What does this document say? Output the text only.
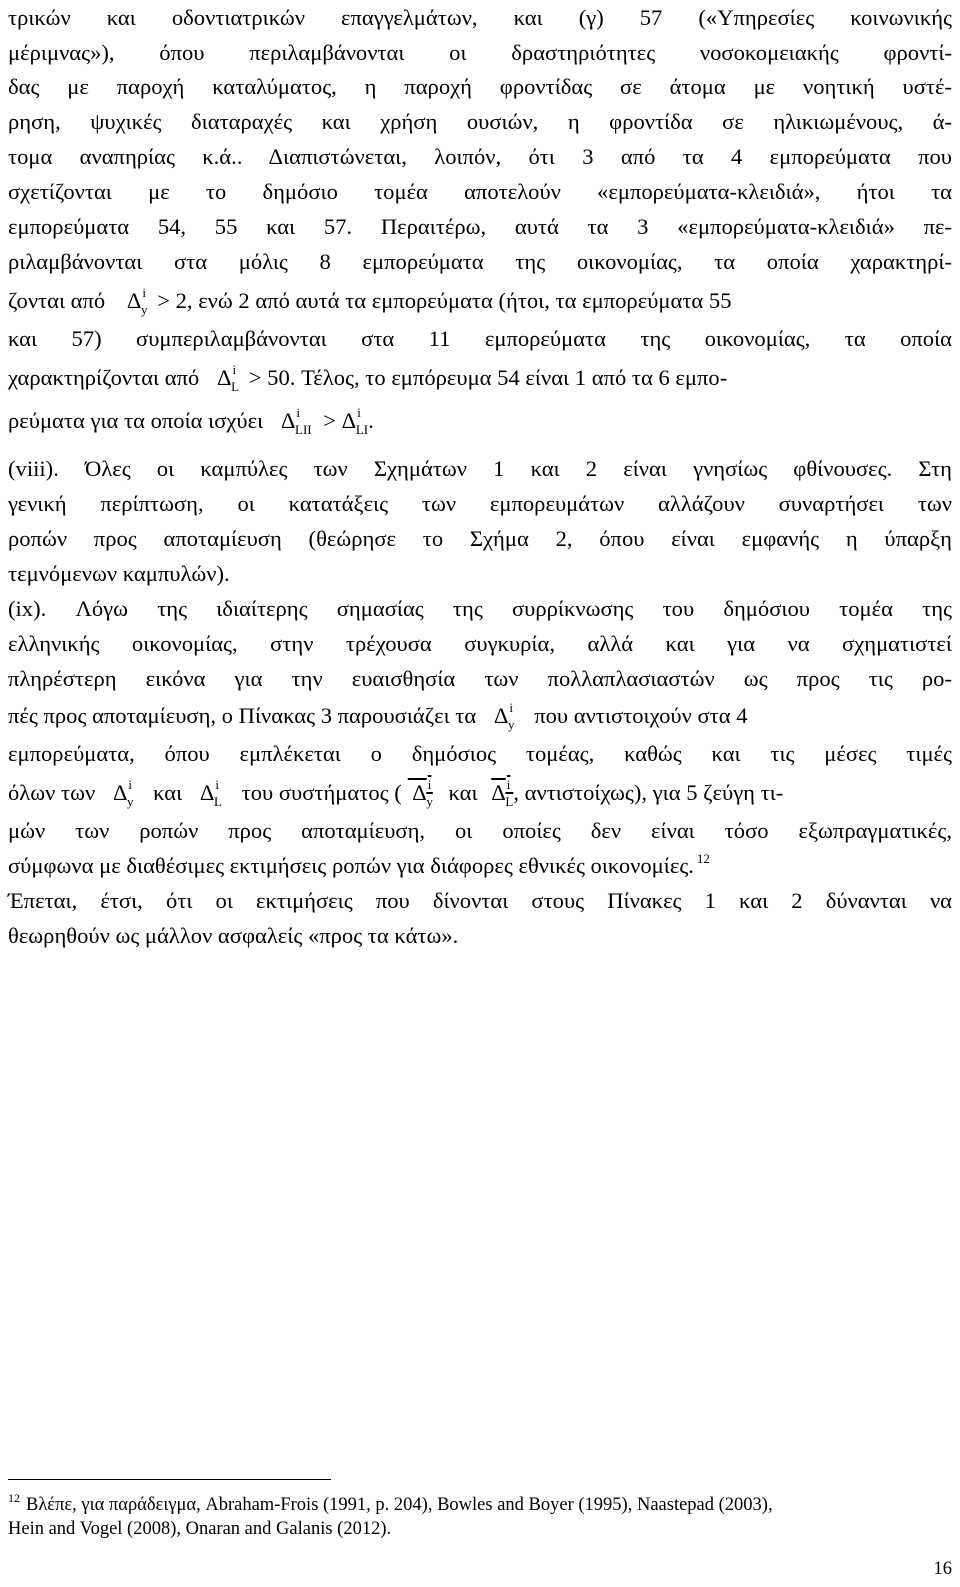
τρικών και οδοντιατρικών επαγγελμάτων, και (γ) 57 («Υπηρεσίες κοινωνικής
μέριμνας»), όπου περιλαμβάνονται οι δραστηριότητες νοσοκομειακής φροντί-
δας με παροχή καταλύματος, η παροχή φροντίδας σε άτομα με νοητική υστέ-
ρηση, ψυχικές διαταραχές και χρήση ουσιών, η φροντίδα σε ηλικιωμένους, ά-
τομα αναπηρίας κ.ά.. Διαπιστώνεται, λοιπόν, ότι 3 από τα 4 εμπορεύματα που
σχετίζονται με το δημόσιο τομέα αποτελούν «εμπορεύματα-κλειδιά», ήτοι τα
εμπορεύματα 54, 55 και 57. Περαιτέρω, αυτά τα 3 «εμπορεύματα-κλειδιά» πε-
ριλαμβάνονται στα μόλις 8 εμπορεύματα της οικονομίας, τα οποία χαρακτηρί-
ζονται από $\Delta^i_y > 2$, ενώ 2 από αυτά τα εμπορεύματα (ήτοι, τα εμπορεύματα 55
και 57) συμπεριλαμβάνονται στα 11 εμπορεύματα της οικονομίας, τα οποία
χαρακτηρίζονται από $\Delta^i_L > 50$. Τέλος, το εμπόρευμα 54 είναι 1 από τα 6 εμπο-
ρεύματα για τα οποία ισχύει $\Delta^i_{LII} > \Delta^i_{LI}$.
(viii). Όλες οι καμπύλες των Σχημάτων 1 και 2 είναι γνησίως φθίνουσες. Στη
γενική περίπτωση, οι κατατάξεις των εμπορευμάτων αλλάζουν συναρτήσει των
ροπών προς αποταμίευση (θεώρησε το Σχήμα 2, όπου είναι εμφανής η ύπαρξη
τεμνόμενων καμπυλών).
(ix). Λόγω της ιδιαίτερης σημασίας της συρρίκνωσης του δημόσιου τομέα της
ελληνικής οικονομίας, στην τρέχουσα συγκυρία, αλλά και για να σχηματιστεί
πληρέστερη εικόνα για την ευαισθησία των πολλαπλασιαστών ως προς τις ρο-
πές προς αποταμίευση, ο Πίνακας 3 παρουσιάζει τα $\Delta^i_y$ που αντιστοιχούν στα 4
εμπορεύματα, όπου εμπλέκεται ο δημόσιος τομέας, καθώς και τις μέσες τιμές
όλων των $\Delta^i_y$ και $\Delta^i_L$ του συστήματος ( $\Delta^i_y$ και $\Delta^i_L$, αντιστοίχως), για 5 ζεύγη τι-
μών των ροπών προς αποταμίευση, οι οποίες δεν είναι τόσο εξωπραγματικές,
σύμφωνα με διαθέσιμες εκτιμήσεις ροπών για διάφορες εθνικές οικονομίες. $^{12}$
Έπεται, έτσι, ότι οι εκτιμήσεις που δίνονται στους Πίνακες 1 και 2 δύνανται να
θεωρηθούν ως μάλλον ασφαλείς «προς τα κάτω».
$^{12}$ Βλέπε, για παράδειγμα, Abraham-Frois (1991, p. 204), Bowles and Boyer (1995), Naastepad (2003),
Hein and Vogel (2008), Onaran and Galanis (2012).
16
